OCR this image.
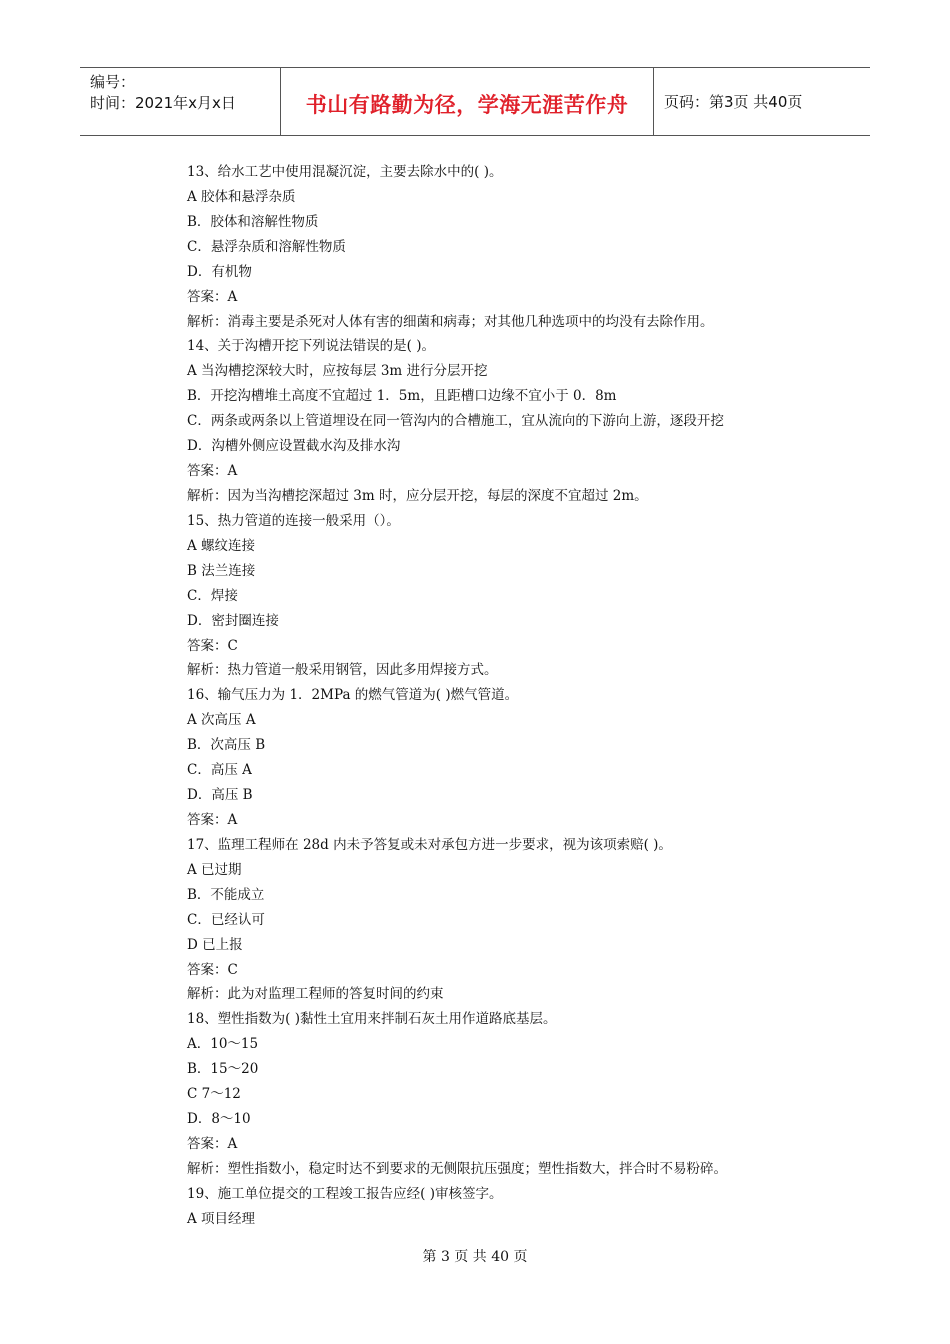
编号：
时间：2021年x月x日	书山有路勤为径，学海无涯苦作舟	页码：第3页 共40页
13、给水工艺中使用混凝沉淀，主要去除水中的( )。
A 胶体和悬浮杂质
B．胶体和溶解性物质
C．悬浮杂质和溶解性物质
D．有机物
答案：A
解析：消毒主要是杀死对人体有害的细菌和病毒；对其他几种选项中的均没有去除作用。
14、关于沟槽开挖下列说法错误的是( )。
A 当沟槽挖深较大时，应按每层 3m 进行分层开挖
B．开挖沟槽堆土高度不宜超过 1．5m，且距槽口边缘不宜小于 0．8m
C．两条或两条以上管道埋设在同一管沟内的合槽施工，宜从流向的下游向上游，逐段开挖
D．沟槽外侧应设置截水沟及排水沟
答案：A
解析：因为当沟槽挖深超过 3m 时，应分层开挖，每层的深度不宜超过 2m。
15、热力管道的连接一般采用（）。
A 螺纹连接
B 法兰连接
C．焊接
D．密封圈连接
答案：C
解析：热力管道一般采用钢管，因此多用焊接方式。
16、输气压力为 1．2MPa 的燃气管道为( )燃气管道。
A 次高压 A
B．次高压 B
C．高压 A
D．高压 B
答案：A
17、监理工程师在 28d 内未予答复或未对承包方进一步要求，视为该项索赔( )。
A 已过期
B．不能成立
C．已经认可
D 已上报
答案：C
解析：此为对监理工程师的答复时间的约束
18、塑性指数为( )黏性土宜用来拌制石灰土用作道路底基层。
A．10～15
B．15～20
C 7～12
D．8～10
答案：A
解析：塑性指数小，稳定时达不到要求的无侧限抗压强度；塑性指数大，拌合时不易粉碎。
19、施工单位提交的工程竣工报告应经( )审核签字。
A 项目经理
第 3 页 共 40 页
